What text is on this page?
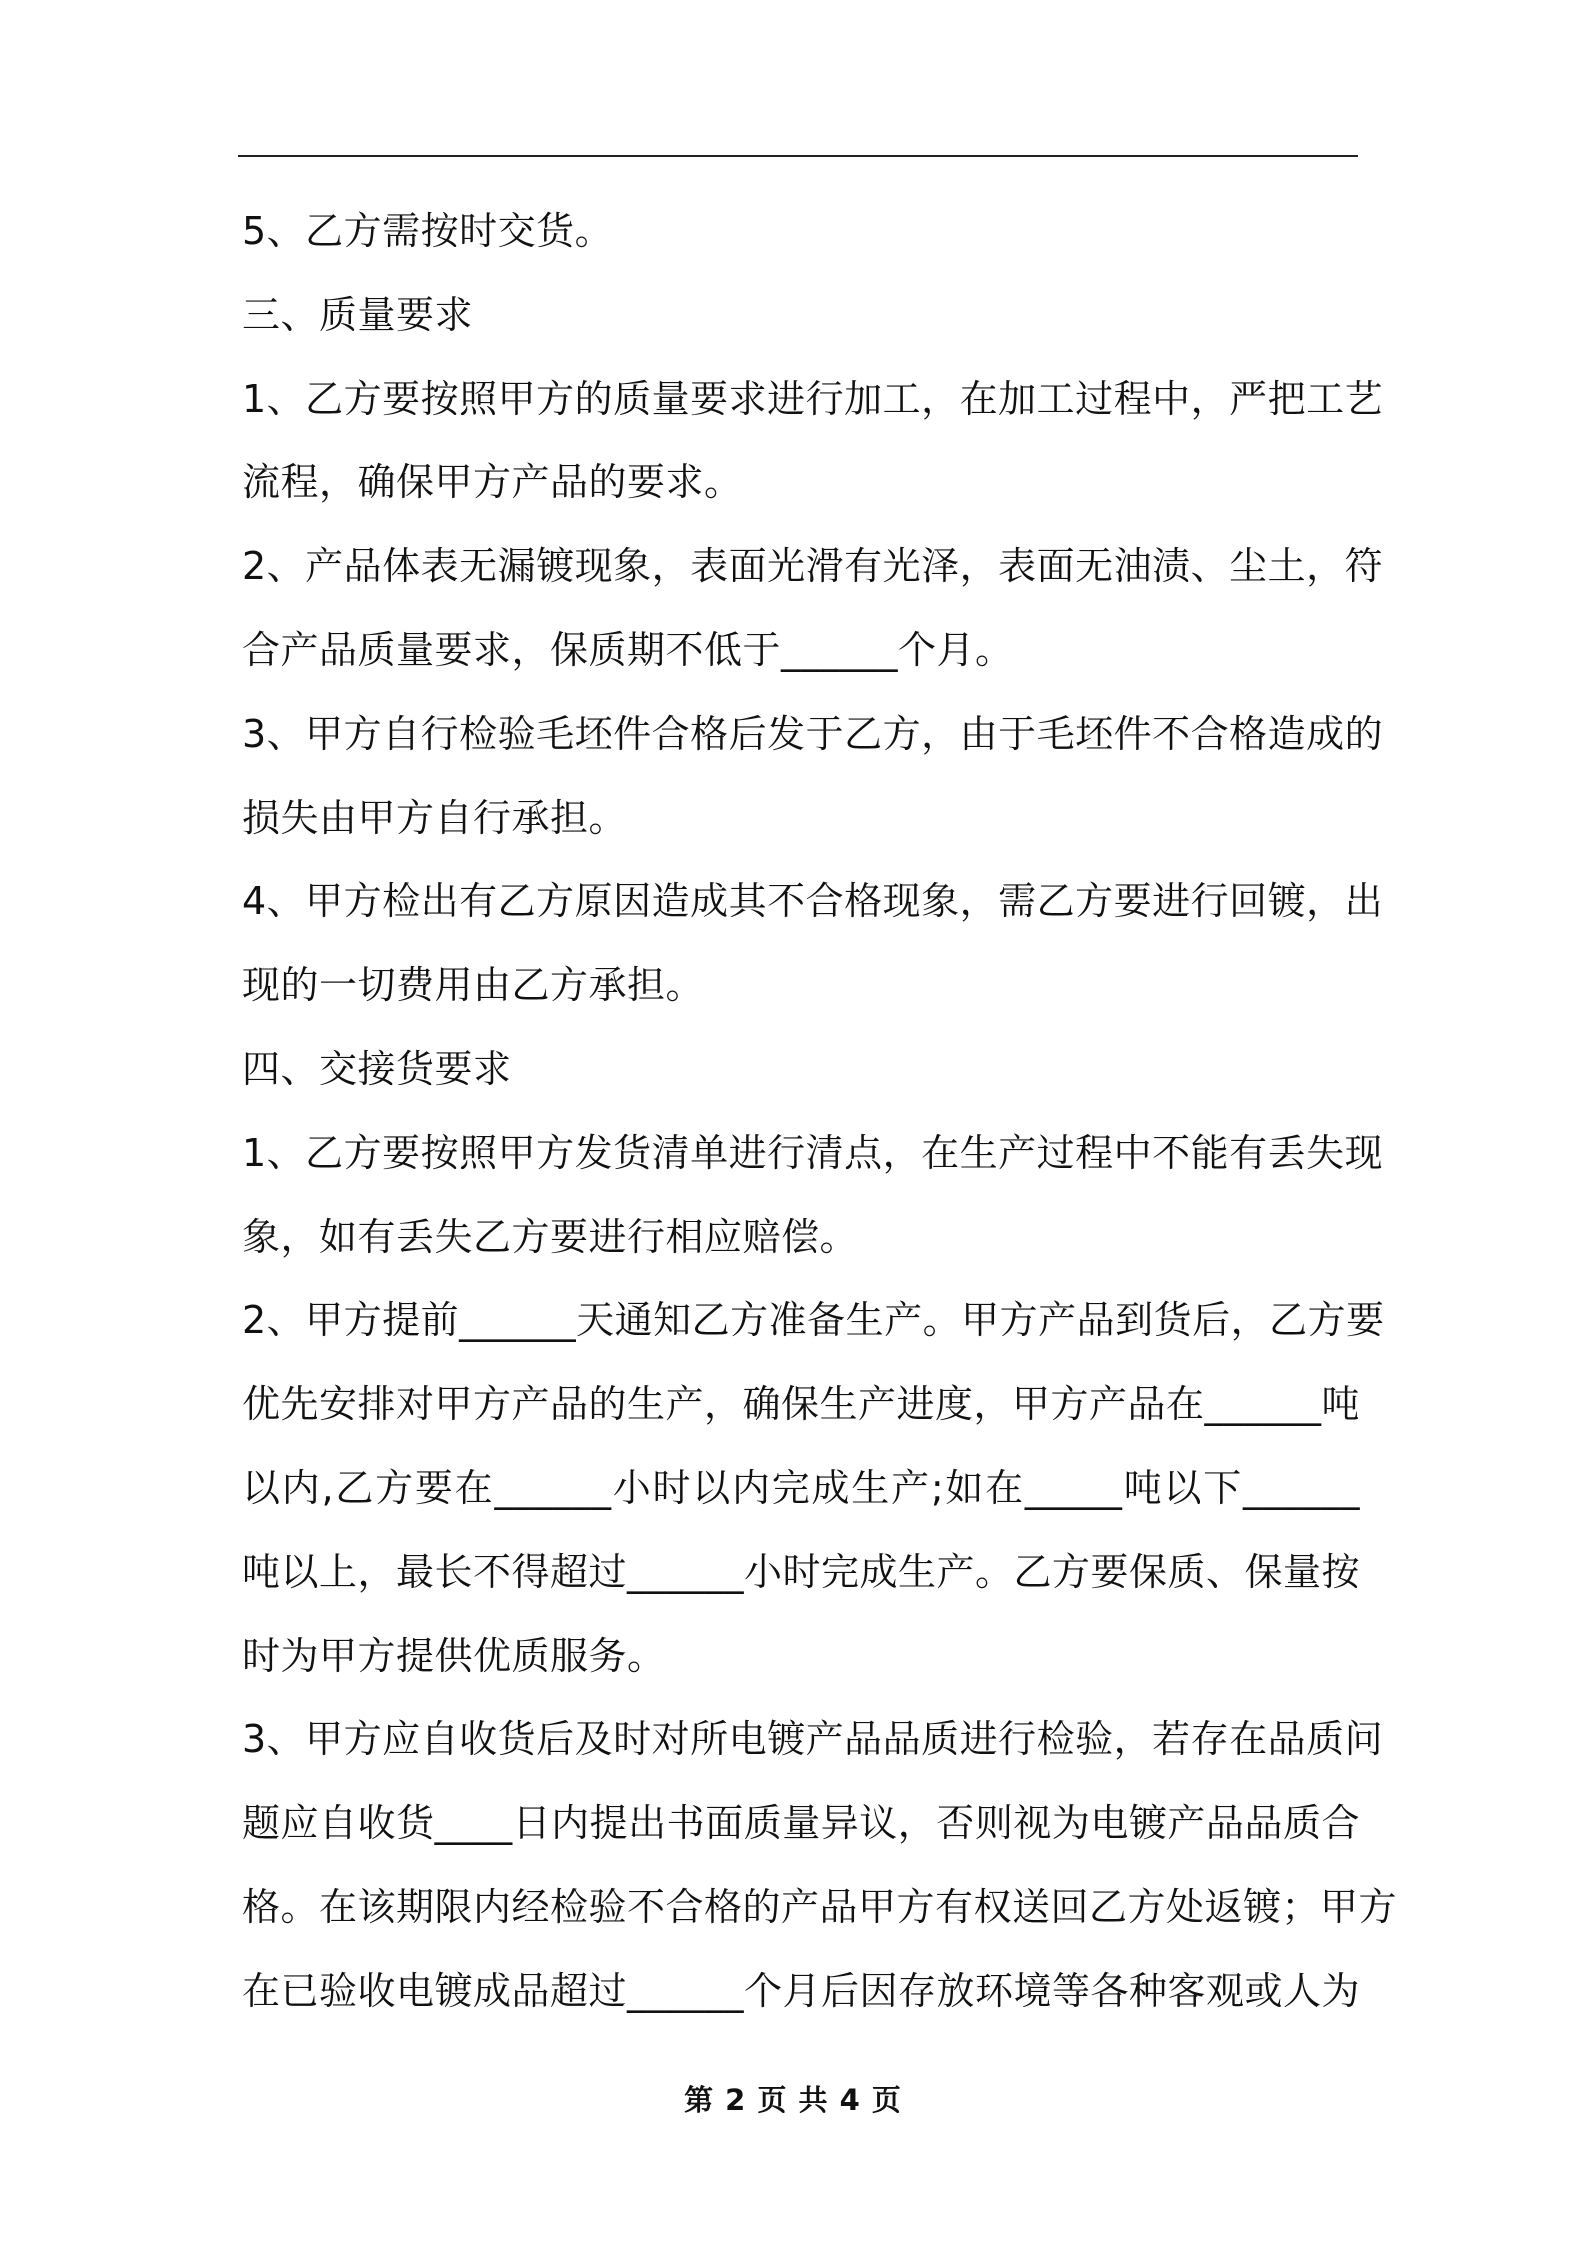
5、乙方需按时交货。
三、质量要求
1、乙方要按照甲方的质量要求进行加工，在加工过程中，严把工艺
流程，确保甲方产品的要求。
2、产品体表无漏镀现象，表面光滑有光泽，表面无油渍、尘土，符
合产品质量要求，保质期不低于______个月。
3、甲方自行检验毛坯件合格后发于乙方，由于毛坯件不合格造成的
损失由甲方自行承担。
4、甲方检出有乙方原因造成其不合格现象，需乙方要进行回镀，出
现的一切费用由乙方承担。
四、交接货要求
1、乙方要按照甲方发货清单进行清点，在生产过程中不能有丢失现
象，如有丢失乙方要进行相应赔偿。
2、甲方提前______天通知乙方准备生产。甲方产品到货后，乙方要
优先安排对甲方产品的生产，确保生产进度，甲方产品在______吨
以内,乙方要在______小时以内完成生产;如在_____吨以下______
吨以上，最长不得超过______小时完成生产。乙方要保质、保量按
时为甲方提供优质服务。
3、甲方应自收货后及时对所电镀产品品质进行检验，若存在品质问
题应自收货____日内提出书面质量异议，否则视为电镀产品品质合
格。在该期限内经检验不合格的产品甲方有权送回乙方处返镀；甲方
在已验收电镀成品超过______个月后因存放环境等各种客观或人为
第 2 页 共 4 页
